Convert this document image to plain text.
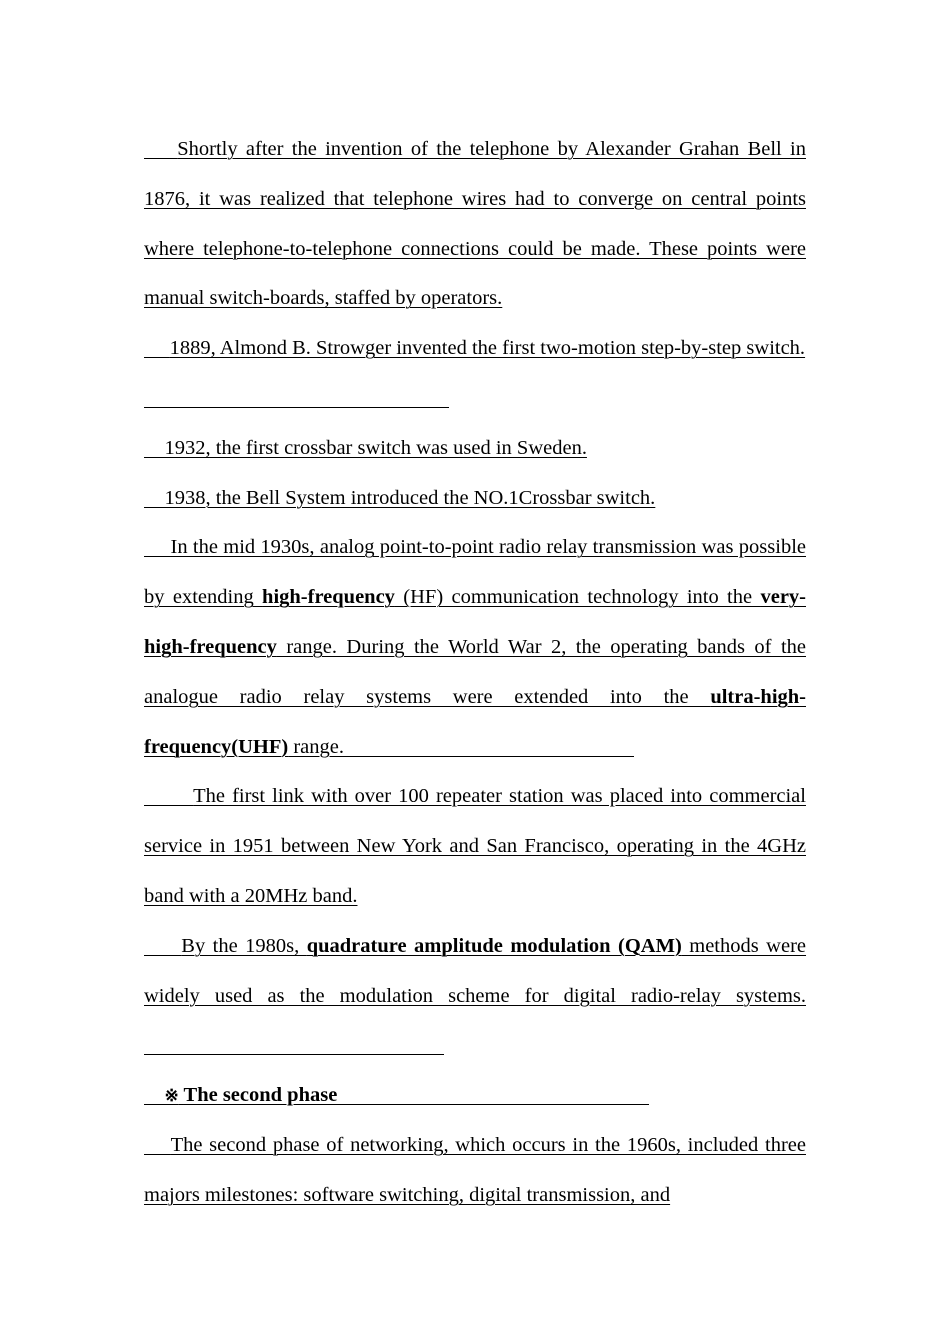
Shortly after the invention of the telephone by Alexander Grahan Bell in 1876, it was realized that telephone wires had to converge on central points where telephone-to-telephone connections could be made. These points were manual switch-boards, staffed by operators.

1889, Almond B. Strowger invented the first two-motion step-by-step switch.

1932, the first crossbar switch was used in Sweden.

1938, the Bell System introduced the NO.1Crossbar switch.

In the mid 1930s, analog point-to-point radio relay transmission was possible by extending high-frequency (HF) communication technology into the very-high-frequency range. During the World War 2, the operating bands of the analogue radio relay systems were extended into the ultra-high- frequency(UHF) range.

The first link with over 100 repeater station was placed into commercial service in 1951 between New York and San Francisco, operating in the 4GHz band with a 20MHz band.

By the 1980s, quadrature amplitude modulation (QAM) methods were widely used as the modulation scheme for digital radio-relay systems.

※ The second phase

The second phase of networking, which occurs in the 1960s, included three majors milestones: software switching, digital transmission, and
